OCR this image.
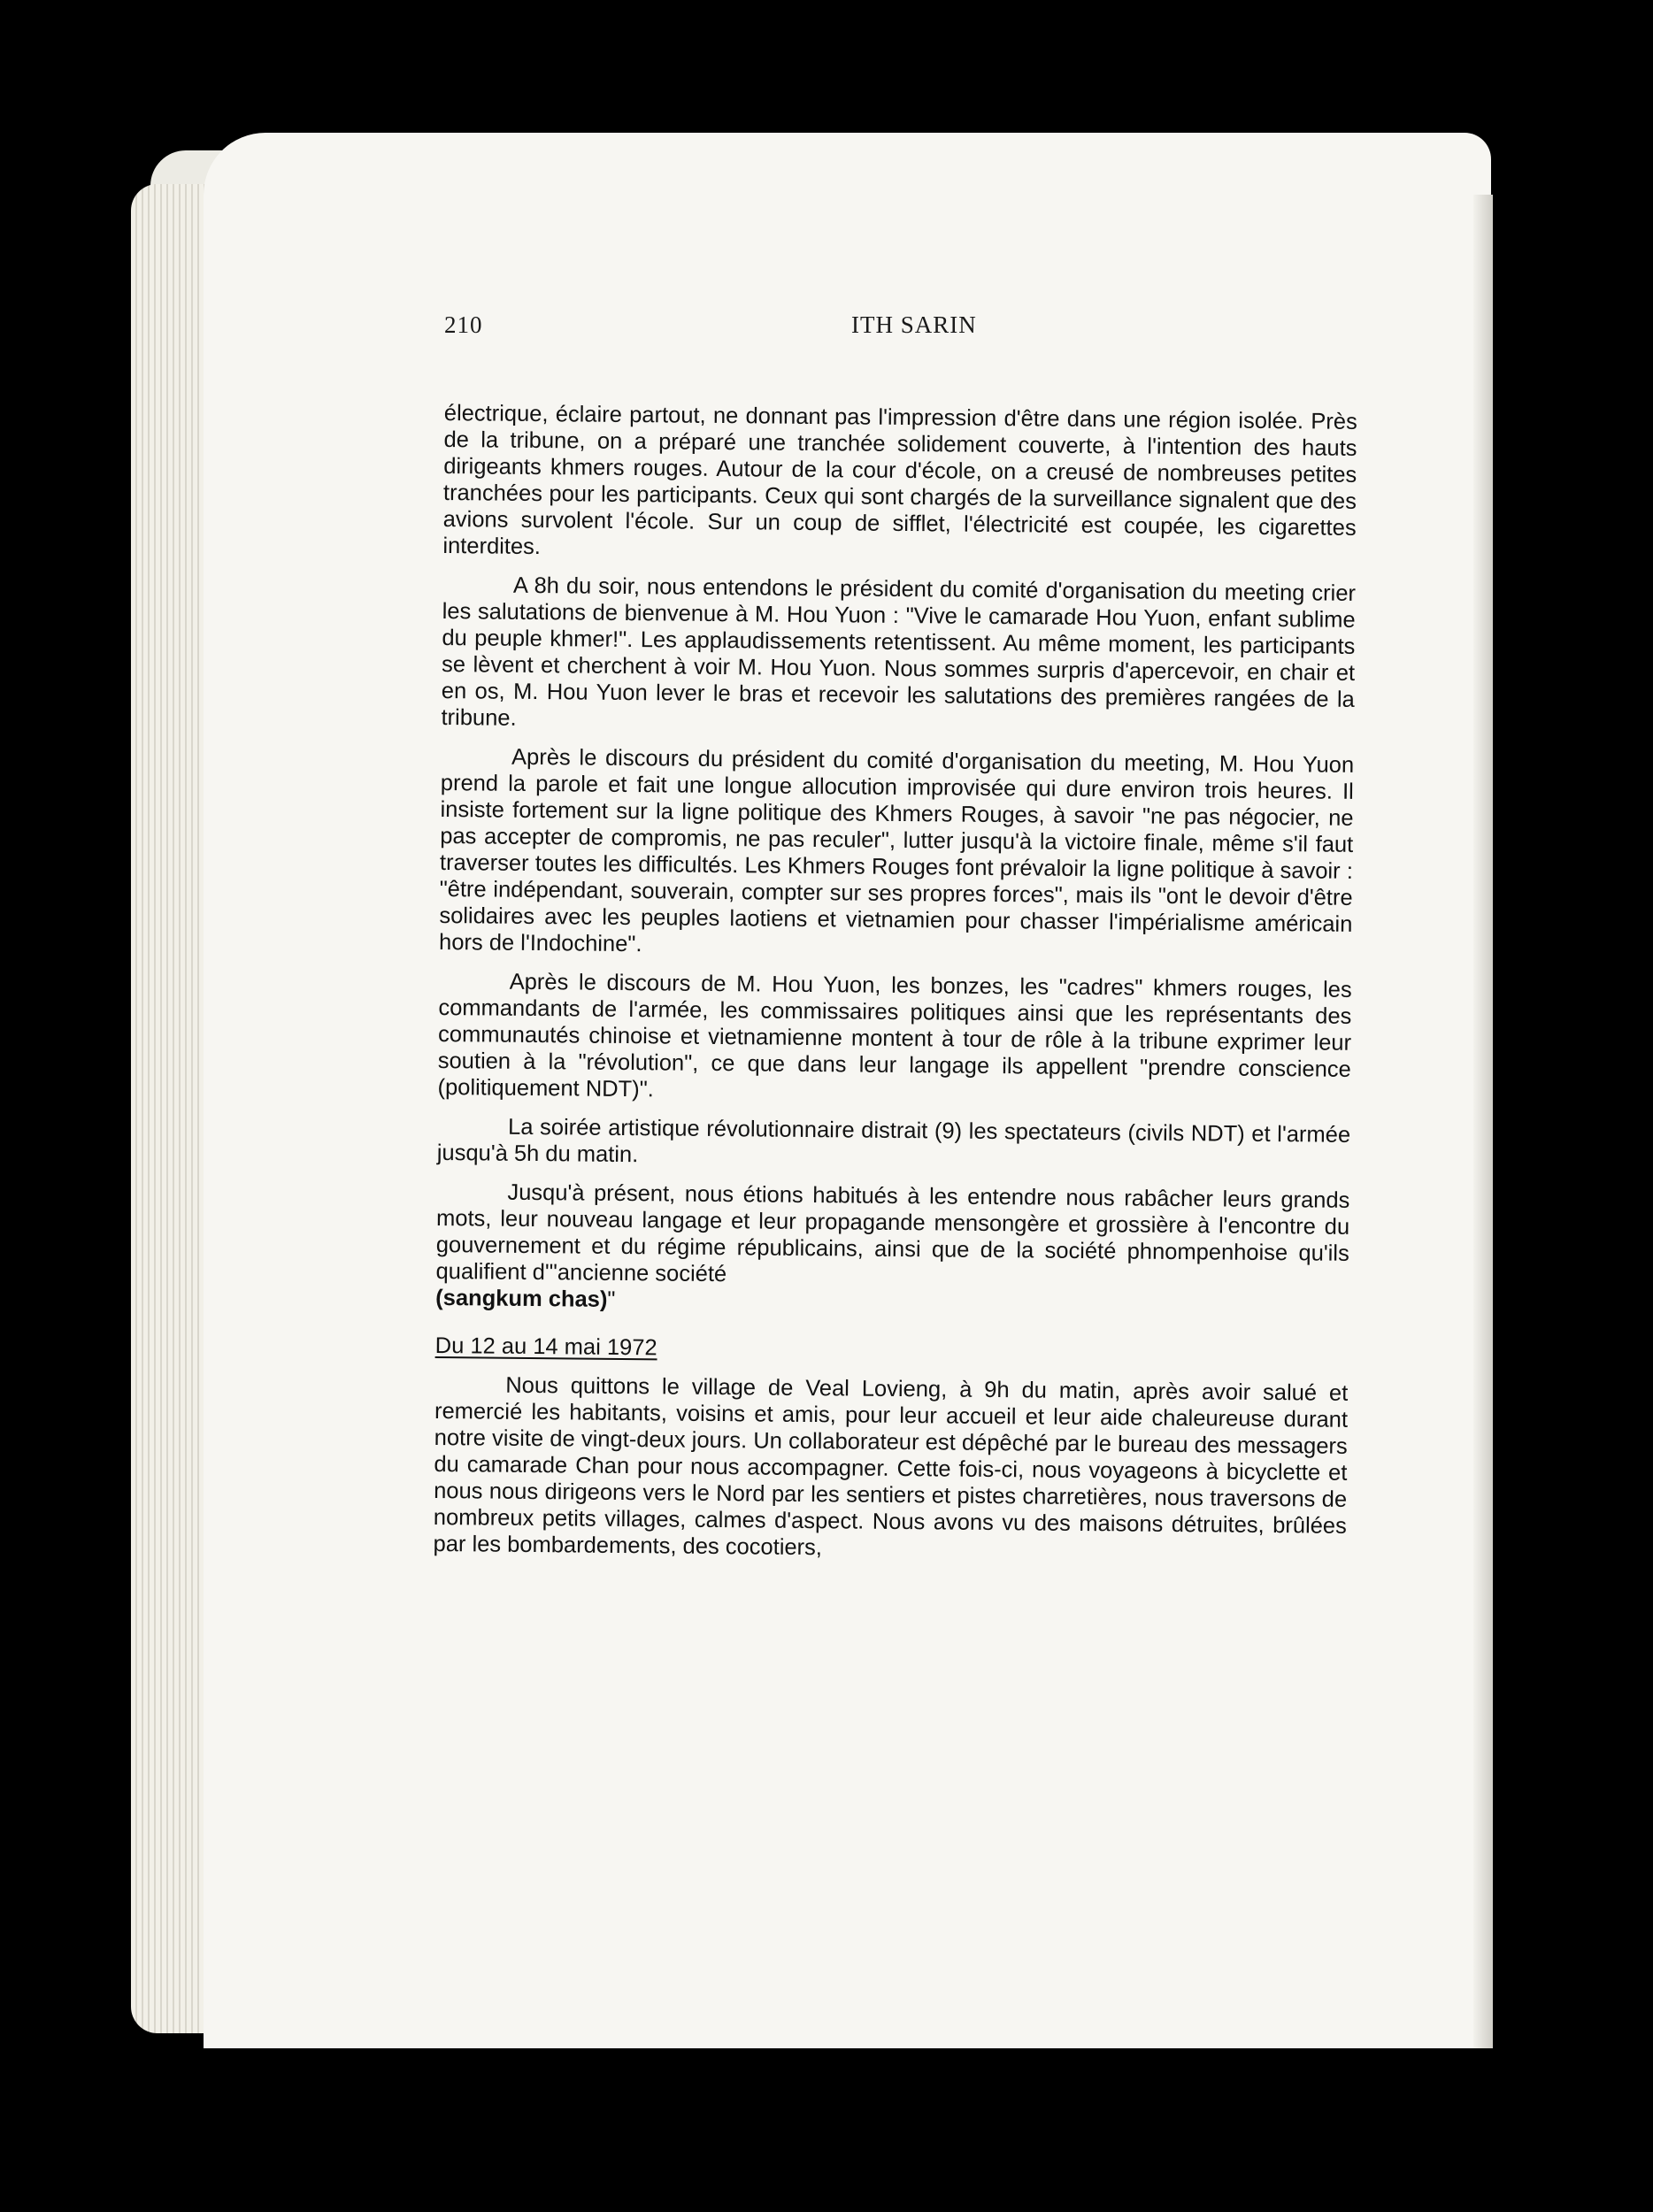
210	ITH SARIN

électrique, éclaire partout, ne donnant pas l'impression d'être dans une région isolée. Près de la tribune, on a préparé une tranchée solidement couverte, à l'intention des hauts dirigeants khmers rouges. Autour de la cour d'école, on a creusé de nombreuses petites tranchées pour les participants. Ceux qui sont chargés de la surveillance signalent que des avions survolent l'école. Sur un coup de sifflet, l'électricité est coupée, les cigarettes interdites.

A 8h du soir, nous entendons le président du comité d'organisation du meeting crier les salutations de bienvenue à M. Hou Yuon : "Vive le camarade Hou Yuon, enfant sublime du peuple khmer!". Les applaudissements retentissent. Au même moment, les participants se lèvent et cherchent à voir M. Hou Yuon. Nous sommes surpris d'apercevoir, en chair et en os, M. Hou Yuon lever le bras et recevoir les salutations des premières rangées de la tribune.

Après le discours du président du comité d'organisation du meeting, M. Hou Yuon prend la parole et fait une longue allocution improvisée qui dure environ trois heures. Il insiste fortement sur la ligne politique des Khmers Rouges, à savoir "ne pas négocier, ne pas accepter de compromis, ne pas reculer", lutter jusqu'à la victoire finale, même s'il faut traverser toutes les difficultés. Les Khmers Rouges font prévaloir la ligne politique à savoir : "être indépendant, souverain, compter sur ses propres forces", mais ils "ont le devoir d'être solidaires avec les peuples laotiens et vietnamien pour chasser l'impérialisme américain hors de l'Indochine".

Après le discours de M. Hou Yuon, les bonzes, les "cadres" khmers rouges, les commandants de l'armée, les commissaires politiques ainsi que les représentants des communautés chinoise et vietnamienne montent à tour de rôle à la tribune exprimer leur soutien à la "révolution", ce que dans leur langage ils appellent "prendre conscience (politiquement NDT)".

La soirée artistique révolutionnaire distrait (9) les spectateurs (civils NDT) et l'armée jusqu'à 5h du matin.

Jusqu'à présent, nous étions habitués à les entendre nous rabâcher leurs grands mots, leur nouveau langage et leur propagande mensongère et grossière à l'encontre du gouvernement et du régime républicains, ainsi que de la société phnompenhoise qu'ils qualifient d'"ancienne société
(sangkum chas)"

Du 12 au 14 mai 1972

Nous quittons le village de Veal Lovieng, à 9h du matin, après avoir salué et remercié les habitants, voisins et amis, pour leur accueil et leur aide chaleureuse durant notre visite de vingt-deux jours. Un collaborateur est dépêché par le bureau des messagers du camarade Chan pour nous accompagner. Cette fois-ci, nous voyageons à bicyclette et nous nous dirigeons vers le Nord par les sentiers et pistes charretières, nous traversons de nombreux petits villages, calmes d'aspect. Nous avons vu des maisons détruites, brûlées par les bombardements, des cocotiers,
